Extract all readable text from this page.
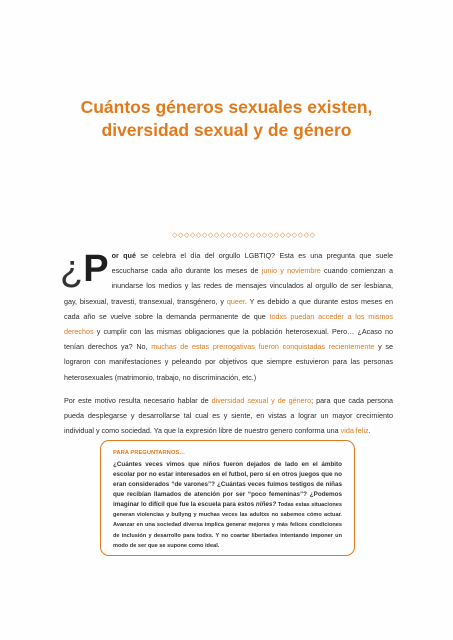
Cuántos géneros sexuales existen,
diversidad sexual y de género
◇◇◇◇◇◇◇◇◇◇◇◇◇◇◇◇◇◇◇◇◇◇◇◇

¿P or qué se celebra el día del orgullo LGBTIQ? Esta es una pregunta que suele escucharse cada año durante los meses de junio y noviembre cuando comienzan a inundarse los medios y las redes de mensajes vinculados al orgullo de ser lesbiana, gay, bisexual, travesti, transexual, transgénero, y queer. Y es debido a que durante estos meses en cada año se vuelve sobre la demanda permanente de que todxs puedan acceder a los mismos derechos y cumplir con las mismas obligaciones que la población heterosexual. Pero… ¿Acaso no tenían derechos ya? No, muchas de estas prerrogativas fueron conquistadas recientemente y se lograron con manifestaciones y peleando por objetivos que siempre estuvieron para las personas heterosexuales (matrimonio, trabajo, no discriminación, etc.)

Por este motivo resulta necesario hablar de diversidad sexual y de género; para que cada persona pueda desplegarse y desarrollarse tal cual es y siente, en vistas a lograr un mayor crecimiento individual y como sociedad. Ya que la expresión libre de nuestro genero conforma una vida feliz.

PARA PREGUNTARNOS…

¿Cuántes veces vimos que niños fueron dejados de lado en el ámbito escolar por no estar interesados en el futbol, pero sí en otros juegos que no eran considerados “de varones”? ¿Cuántas veces fuimos testigos de niñas que recibían llamados de atención por ser “poco femeninas”? ¿Podemos imaginar lo difícil que fue la escuela para estos niñes? Todas estas situaciones generan violencias y bullyng y muchas veces las adultxs no sabemos cómo actuar. Avanzar en una sociedad diversa implica generar mejores y más felices condiciones de inclusión y desarrollo para todxs. Y no coartar libertades intentando imponer un modo de ser que se supone como ideal.
